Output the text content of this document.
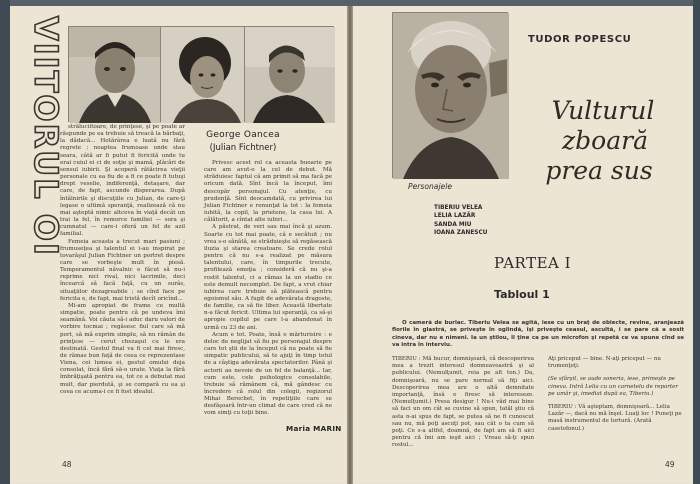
VIITORUL OI	George Oancea
(Julian Fichtner)

străluciitoare, de prinţese, şi pe poate ar răspunde pe ea trebuie să treacă la bărbaţi, la dădacă... Hotărârea e luată nu fără regrete ; noaptea frumoase unde stau seara, câtă ar fi putut fi fericită unde tu erai cuiul ei ci de soţie şi mamă, plăcări de sensul iubirii. Şi acoperă rătăcirea vieţii personale cu ea fiu de a fi ce poate fi tutuşi drept veselie, indiferenţă, detaşare, dar care, de fapt, ascunde disperarea. După întâlnirile şi discuţiile cu Julian, de care-ţi legase o ultimă speranţă, realizează că nu mai aşteptă nimic altceva în viaţă decât un trai la fel, în remorce familiei — sora şi cumnatul — care-i oferă un fel de azil familial.

Femeia aceasta a trecut mari pasiuni ; frumuseţea şi talentul ei i-au inspirat pe tovarăşul Julian Fichtner un portret despre care se vorbeşte mult în piesă. Temperamentul năvalnic e făcut să nu-i reprime nici rival, nici lacrimile, deci încearcă să facă faţă, cu un surâs, situaţiilor dezagreabile ; se cînd face pe fericita e, de fapt, mai tristă decît oricînd...

Mi-am apropiat de frame cu multă simpatie, poate pentru că pe undeva îmi seamănă. Voi căuta să-i aduc daru valori de vorbire tocmai ; regăsesc fiul care să mă port, să mă exprim simplu, să nu rămân de prinţese — cerut chezaşul cu le era destinată. Gestul final va fi cel mai firesc, de rămas bun faţă de ceea ce reprezentase Viena, cei lumea ei, gestul omului deja consolat, încă fără să-o urate. Viaţa la fără îmbrăţişată pentru ea, tot ce a debutat mai mult, dar pierdută, şi se compară cu ea şi ceea ce acuma-i ce fi fost idealul.

Privesc acest rol ca aceasta buoarie pe care am avut-o la cel de debut. Mă străduiesc faptul că am primit să ma facă pe oricum dată. Sînt încă la început, îmi descopăr personajul. Cu atenţie, cu prudenţă. Sînt deocamdată, cu privirea lui Julian Fichtner e renunţat la tot : la femeia iubită, la copil, la prietene, la casa lui. A călătorit, a cîntat alte iubiri...

A păstrat, de veri sau mai încă şi azum. Soarte cu tot mai poate, că e secătuit ; nu vrea s-o sănătă, se străduieşte să regăsească iluzia şi starea creatoare. Se crede rolul pentru că nu s-a realizat pe măsura talentului, care, în timpurile trecute, profilează emoţia ; consideră că nu şi-a rostit talentul, ci a rămas la un stadiu ce este demult necomplet. De fapt, a vrut chiar iubirea care trebuie să plătească pentru egoismul său. A fugit de adevărata dragoste, de familie, ca să fie liber. Această libertate n-a făcut fericit. Ultima lui speranţă, ca să-şi apropie copilul pe care l-a abandonat în urmă cu 23 de ani.

Acum e tot. Poate, însă o mărturisire : e deloc de neglijat să fiu pe personajul despre care tot ştii de la început că nu poate să fie simpatic publicului, să te ajuţi în timp totul de a câştiga adevărata spectatorilor. Până şi actorii au nevoie de un fel de balanţă... Iar, cum este, cele psihologice consolabile, trebuie să rămânem că, mă gândesc cu încredere că rolul din colegii, regizorul Mihai Berechet, în repetiţiile care se desfăşoară într-un climat de care cred că ne vom simţi cu toţii bine.

Maria MARIN
48
TUDOR POPESCU
Vulturul
zboară
prea sus
Personajele
TIBERIU VELEA
LELIA LAZĂR
SANDA MIU
IOANA ZANESCU
PARTEA I
Tabloul 1
O cameră de burlac. Tiberiu Velea se agită, iese cu un braţ de obiecte, revine, aranjează florile în glastră, se priveşte în oglindă, îşi priveşte ceasul, ascultă, i se pare că a sosit cineva, dar nu e nimeni. Ia un ştilou, îl ţine ca pe un microfon şi repetă ce va spune cînd se va intra în interviu.
TIBERIU : Mă bucur, domnişoară, că descoperirea mea a trezit interesul domneavoastră şi al publicului. (Nemulţumit, reia pe alt ton.) Da, domnişoară, nu se pare normal să fiţi aici. Descoperirea mea are o altă demnitate importanţă, însă e firesc să intereseze. (Nemulţumit.) Presa desigur ! Nu-i văd mai bine să faci un om cât se cuvine să spun, tatăl ştiu că asta n-ai spus de fapt, se putea să ne fi cunoscut sau nu, mă poţi ascuţi pot, sau cât o ta cum să poţi. Ce s-a altfel, doamnă, de fapt am să fi aici pentru că îmi am ieşit aici ; Vreau să-ţi spun rostul...
Aţi priceput — bine. N-aţi priceput — nu trumenţeţi.
(Se sfârşit, se aude soneria, iese, primeşte pe cineva. Intră Lelia cu un carnetelu de reporter pe umăr şi, imediat după ea, Tiberiu.)
TIBERIU : Vă aşteptam, domnişoară... Lelia Lazăr —, dacă nu mă înşel. Luaţi loc ! Puneţi pe masă instrumentul de tortură. (Arată casetofonul.)
49
